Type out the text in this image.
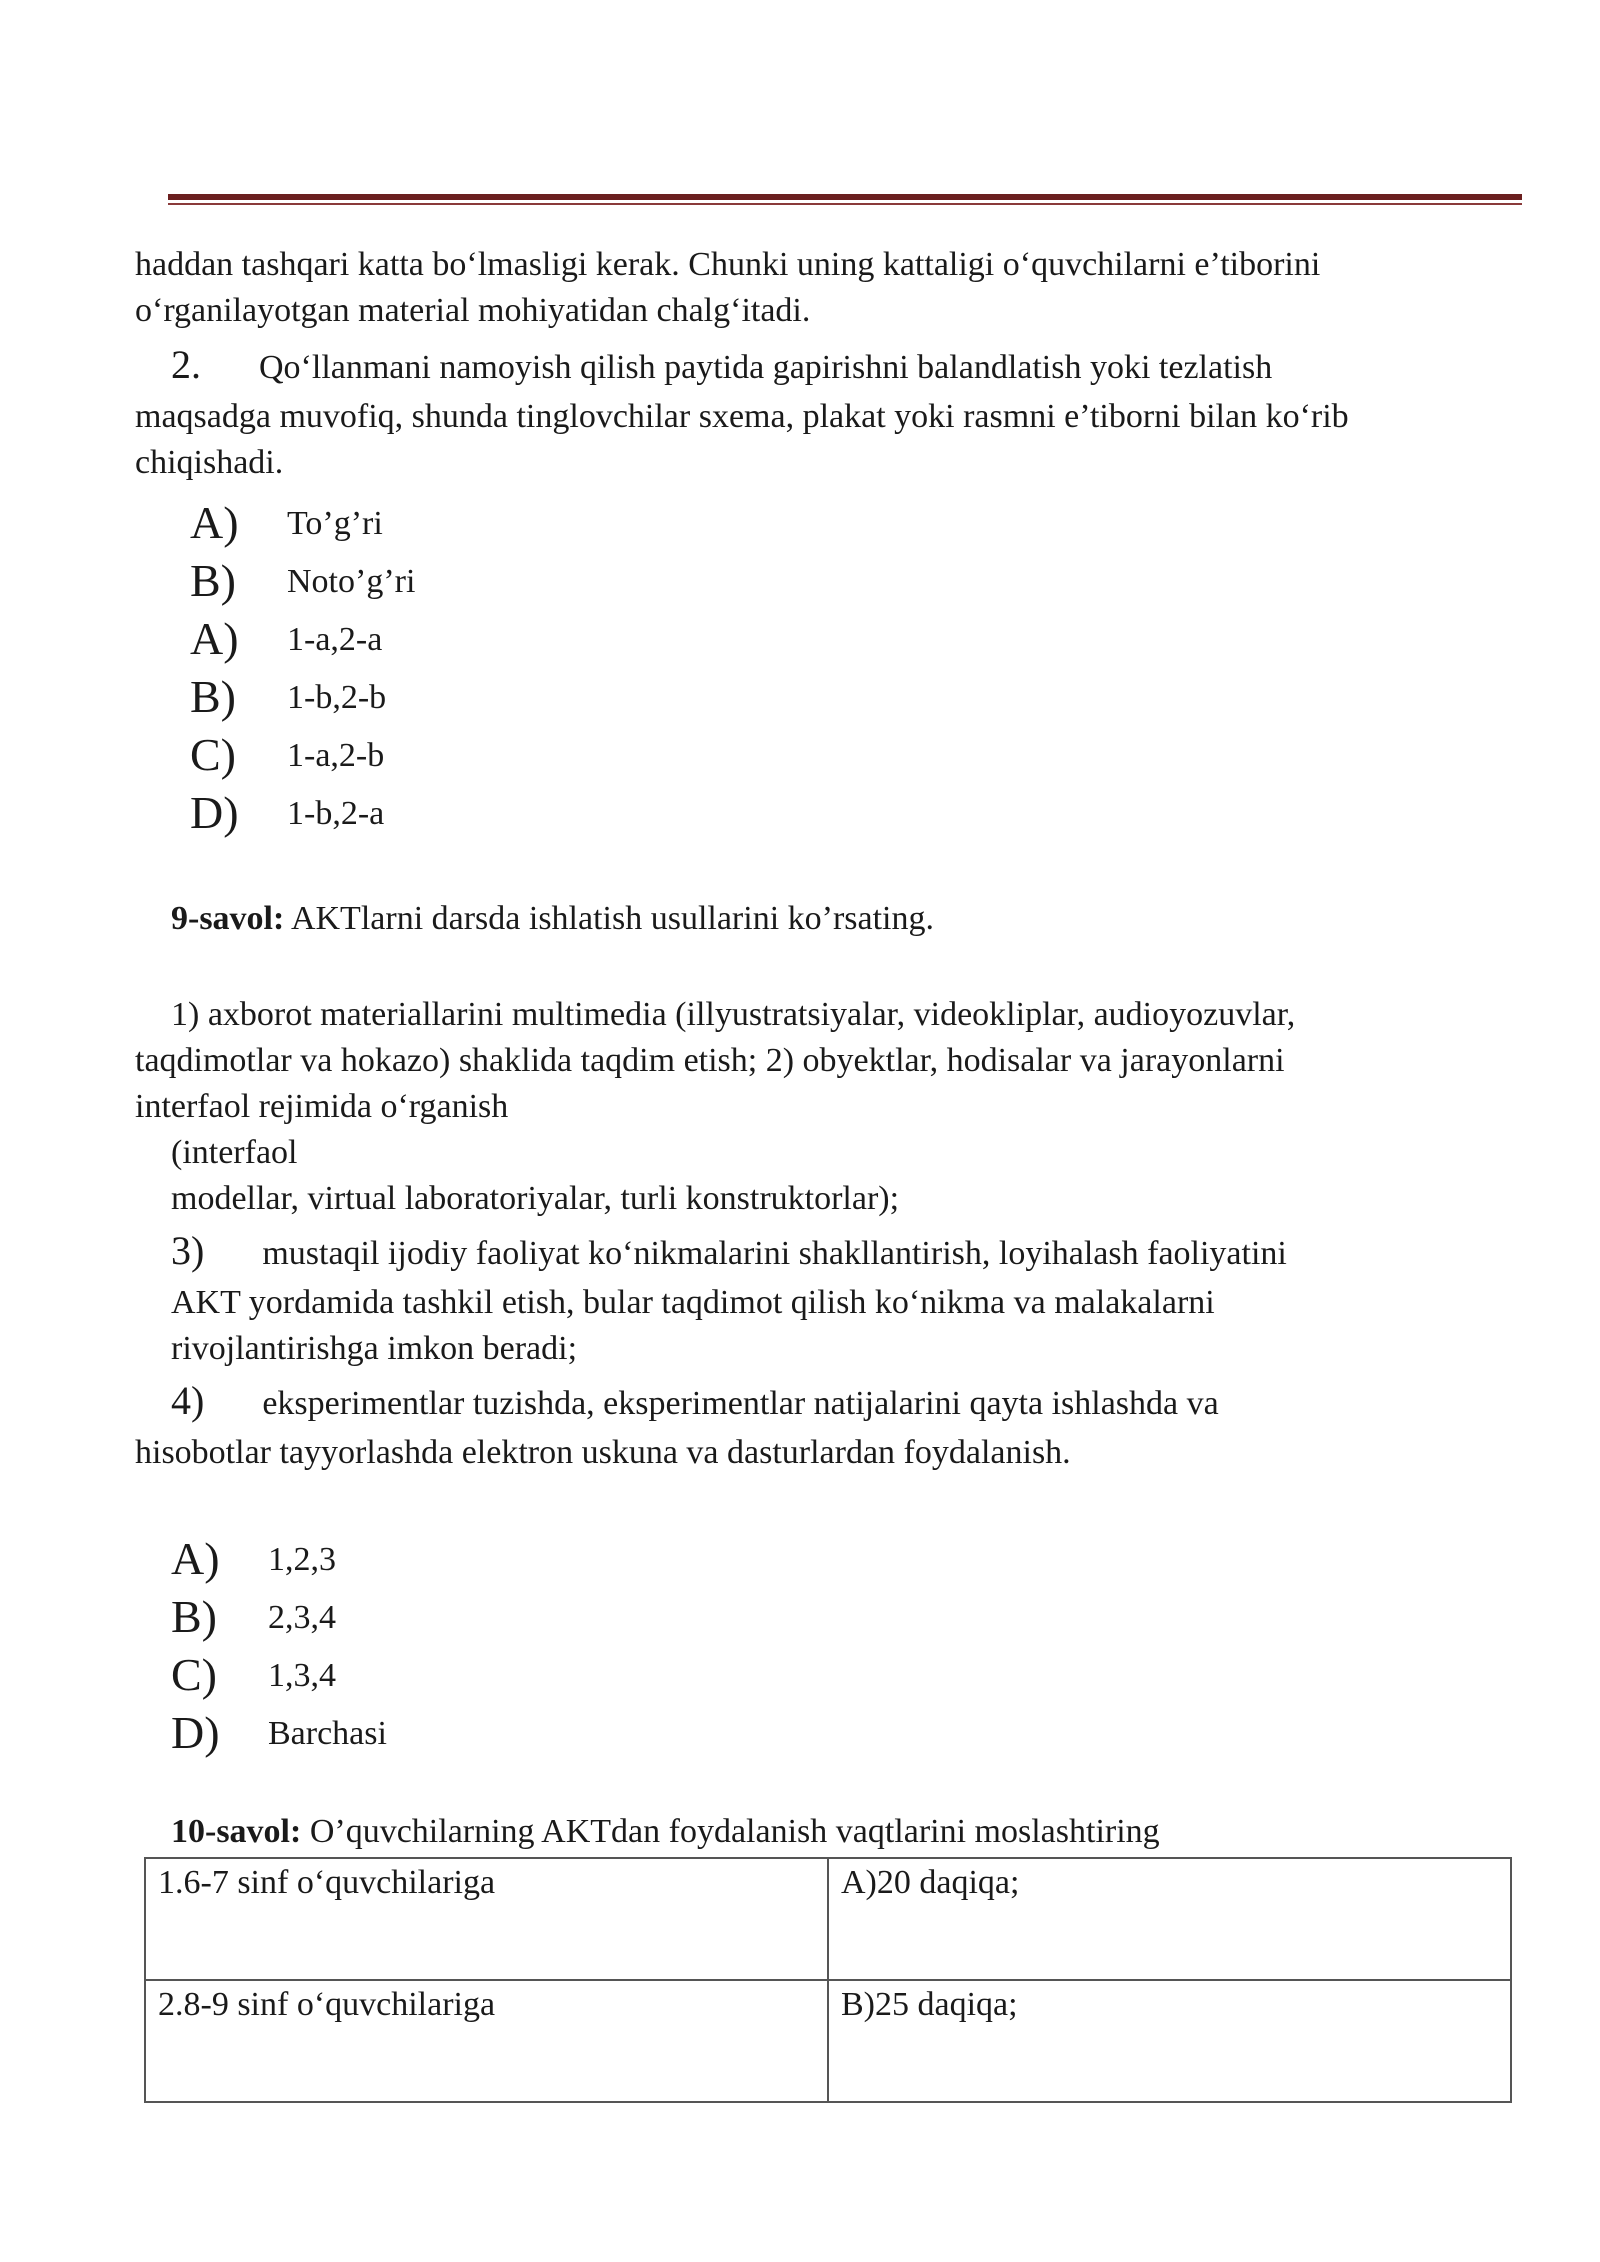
haddan tashqari katta bo‘lmasligi kerak. Chunki uning kattaligi o‘quvchilarni e’tiborini
o‘rganilayotgan material mohiyatidan chalg‘itadi.
2. Qo‘llanmani namoyish qilish paytida gapirishni balandlatish yoki tezlatish
maqsadga muvofiq, shunda tinglovchilar sxema, plakat yoki rasmni e’tiborni bilan ko‘rib
chiqishadi.
A) To’g’ri
B) Noto’g’ri
A) 1-a,2-a
B) 1-b,2-b
C) 1-a,2-b
D) 1-b,2-a
9-savol: AKTlarni darsda ishlatish usullarini ko’rsating.
1) axborot materiallarini multimedia (illyustratsiyalar, videokliplar, audioyozuvlar,
taqdimotlar va hokazo) shaklida taqdim etish; 2) obyektlar, hodisalar va jarayonlarni
interfaol rejimida o‘rganish
(interfaol
modellar, virtual laboratoriyalar, turli konstruktorlar);
3) mustaqil ijodiy faoliyat ko‘nikmalarini shakllantirish, loyihalash faoliyatini
AKT yordamida tashkil etish, bular taqdimot qilish ko‘nikma va malakalarni
rivojlantirishga imkon beradi;
4) eksperimentlar tuzishda, eksperimentlar natijalarini qayta ishlashda va
hisobotlar tayyorlashda elektron uskuna va dasturlardan foydalanish.
A) 1,2,3
B) 2,3,4
C) 1,3,4
D) Barchasi
10-savol: O’quvchilarning AKTdan foydalanish vaqtlarini moslashtiring
1.6-7 sinf o‘quvchilariga	A)20 daqiqa;
2.8-9 sinf o‘quvchilariga	B)25 daqiqa;
